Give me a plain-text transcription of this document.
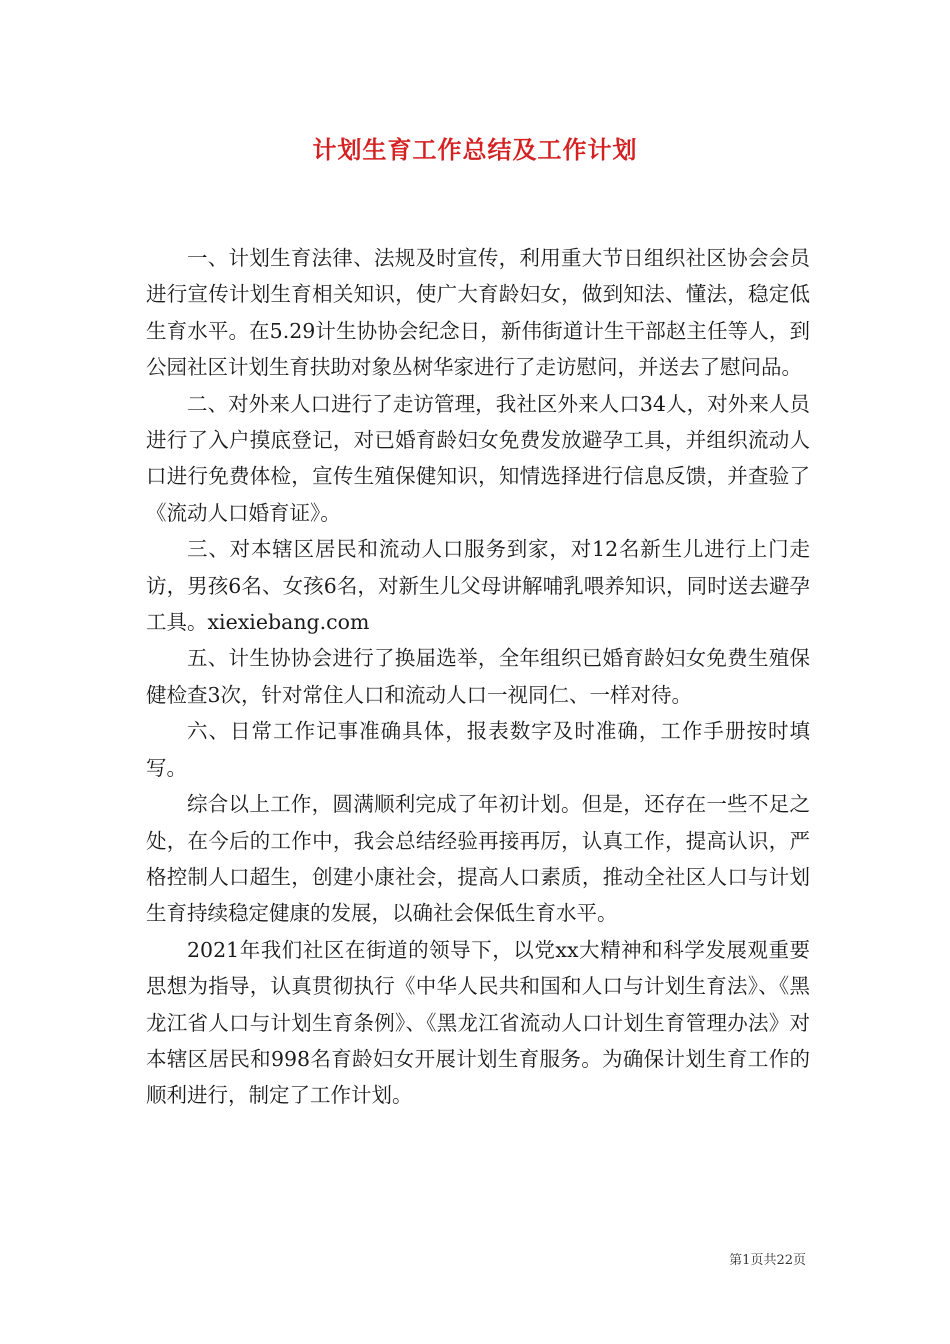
计划生育工作总结及工作计划

一、计划生育法律、法规及时宣传，利用重大节日组织社区协会会员进行宣传计划生育相关知识，使广大育龄妇女，做到知法、懂法，稳定低生育水平。在5.29计生协协会纪念日，新伟街道计生干部赵主任等人，到公园社区计划生育扶助对象丛树华家进行了走访慰问，并送去了慰问品。

二、对外来人口进行了走访管理，我社区外来人口34人，对外来人员进行了入户摸底登记，对已婚育龄妇女免费发放避孕工具，并组织流动人口进行免费体检，宣传生殖保健知识，知情选择进行信息反馈，并查验了《流动人口婚育证》。

三、对本辖区居民和流动人口服务到家，对12名新生儿进行上门走访，男孩6名、女孩6名，对新生儿父母讲解哺乳喂养知识，同时送去避孕工具。xiexiebang.com

五、计生协协会进行了换届选举，全年组织已婚育龄妇女免费生殖保健检查3次，针对常住人口和流动人口一视同仁、一样对待。

六、日常工作记事准确具体，报表数字及时准确，工作手册按时填写。

综合以上工作，圆满顺利完成了年初计划。但是，还存在一些不足之处，在今后的工作中，我会总结经验再接再厉，认真工作，提高认识，严格控制人口超生，创建小康社会，提高人口素质，推动全社区人口与计划生育持续稳定健康的发展，以确社会保低生育水平。

2021年我们社区在街道的领导下，以党xx大精神和科学发展观重要思想为指导，认真贯彻执行《中华人民共和国和人口与计划生育法》、《黑龙江省人口与计划生育条例》、《黑龙江省流动人口计划生育管理办法》对本辖区居民和998名育龄妇女开展计划生育服务。为确保计划生育工作的顺利进行，制定了工作计划。

第1页共22页
